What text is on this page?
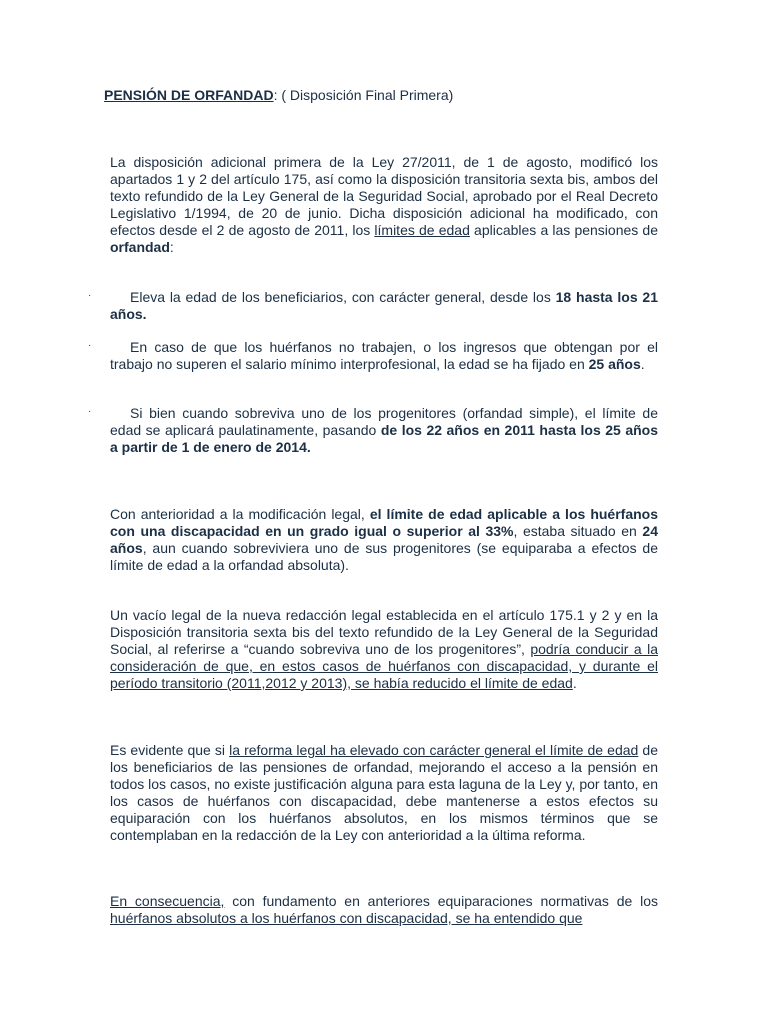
PENSIÓN DE ORFANDAD: ( Disposición Final Primera)
La disposición adicional primera de la Ley 27/2011, de 1 de agosto, modificó los apartados 1 y 2 del artículo 175, así como la disposición transitoria sexta bis, ambos del texto refundido de la Ley General de la Seguridad Social, aprobado por el Real Decreto Legislativo 1/1994, de 20 de junio. Dicha disposición adicional ha modificado, con efectos desde el 2 de agosto de 2011, los límites de edad aplicables a las pensiones de orfandad:
·	Eleva la edad de los beneficiarios, con carácter general, desde los 18 hasta los 21 años.
·	En caso de que los huérfanos no trabajen, o los ingresos que obtengan por el trabajo no superen el salario mínimo interprofesional, la edad se ha fijado en 25 años.
·	Si bien cuando sobreviva uno de los progenitores (orfandad simple), el límite de edad se aplicará paulatinamente, pasando de los 22 años en 2011 hasta los 25 años a partir de 1 de enero de 2014.
Con anterioridad a la modificación legal, el límite de edad aplicable a los huérfanos con una discapacidad en un grado igual o superior al 33%, estaba situado en 24 años, aun cuando sobreviviera uno de sus progenitores (se equiparaba a efectos de límite de edad a la orfandad absoluta).
Un vacío legal de la nueva redacción legal establecida en el artículo 175.1 y 2 y en la Disposición transitoria sexta bis del texto refundido de la Ley General de la Seguridad Social, al referirse a “cuando sobreviva uno de los progenitores”, podría conducir a la consideración de que, en estos casos de huérfanos con discapacidad, y durante el período transitorio (2011,2012 y 2013), se había reducido el límite de edad.
Es evidente que si la reforma legal ha elevado con carácter general el límite de edad de los beneficiarios de las pensiones de orfandad, mejorando el acceso a la pensión en todos los casos, no existe justificación alguna para esta laguna de la Ley y, por tanto, en los casos de huérfanos con discapacidad, debe mantenerse a estos efectos su equiparación con los huérfanos absolutos, en los mismos términos que se contemplaban en la redacción de la Ley con anterioridad a la última reforma.
En consecuencia, con fundamento en anteriores equiparaciones normativas de los huérfanos absolutos a los huérfanos con discapacidad, se ha entendido que
